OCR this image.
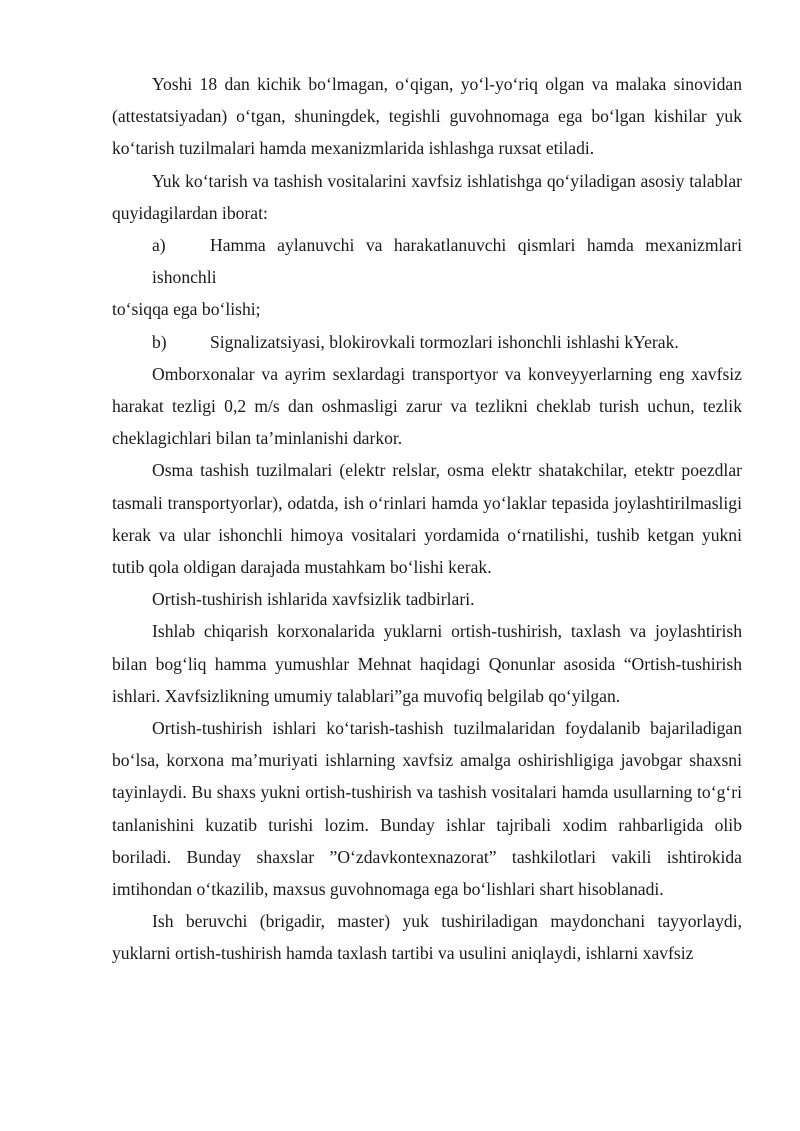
Yoshi 18 dan kichik bo‘lmagan, o‘qigan, yo‘l-yo‘riq olgan va malaka sinovidan (attestatsiyadan) o‘tgan, shuningdek, tegishli guvohnomaga ega bo‘lgan kishilar yuk ko‘tarish tuzilmalari hamda mexanizmlarida ishlashga ruxsat etiladi.

Yuk ko‘tarish va tashish vositalarini xavfsiz ishlatishga qo‘yiladigan asosiy talablar quyidagilardan iborat:

a)	Hamma aylanuvchi va harakatlanuvchi qismlari hamda mexanizmlari ishonchli

to‘siqqa ega bo‘lishi;

b) Signalizatsiyasi, blokirovkali tormozlari ishonchli ishlashi kYerak.

Omborxonalar va ayrim sexlardagi transportyor va konveyyerlarning eng xavfsiz harakat tezligi 0,2 m/s dan oshmasligi zarur va tezlikni cheklab turish uchun, tezlik cheklagichlari bilan ta’minlanishi darkor.

Osma tashish tuzilmalari (elektr relslar, osma elektr shatakchilar, etektr poezdlar tasmali transportyorlar), odatda, ish o‘rinlari hamda yo‘laklar tepasida joylashtirilmasligi kerak va ular ishonchli himoya vositalari yordamida o‘rnatilishi, tushib ketgan yukni tutib qola oldigan darajada mustahkam bo‘lishi kerak.

Ortish-tushirish ishlarida xavfsizlik tadbirlari.

Ishlab chiqarish korxonalarida yuklarni ortish-tushirish, taxlash va joylashtirish bilan bog‘liq hamma yumushlar Mehnat haqidagi Qonunlar asosida “Ortish-tushirish ishlari. Xavfsizlikning umumiy talablari”ga muvofiq belgilab qo‘yilgan.

Ortish-tushirish ishlari ko‘tarish-tashish tuzilmalaridan foydalanib bajariladigan bo‘lsa, korxona ma’muriyati ishlarning xavfsiz amalga oshirishligiga javobgar shaxsni tayinlaydi. Bu shaxs yukni ortish-tushirish va tashish vositalari hamda usullarning to‘g‘ri tanlanishini kuzatib turishi lozim. Bunday ishlar tajribali xodim rahbarligida olib boriladi. Bunday shaxslar ”O‘zdavkontexnazorat” tashkilotlari vakili ishtirokida imtihondan o‘tkazilib, maxsus guvohnomaga ega bo‘lishlari shart hisoblanadi.

Ish beruvchi (brigadir, master) yuk tushiriladigan maydonchani tayyorlaydi, yuklarni ortish-tushirish hamda taxlash tartibi va usulini aniqlaydi, ishlarni xavfsiz
